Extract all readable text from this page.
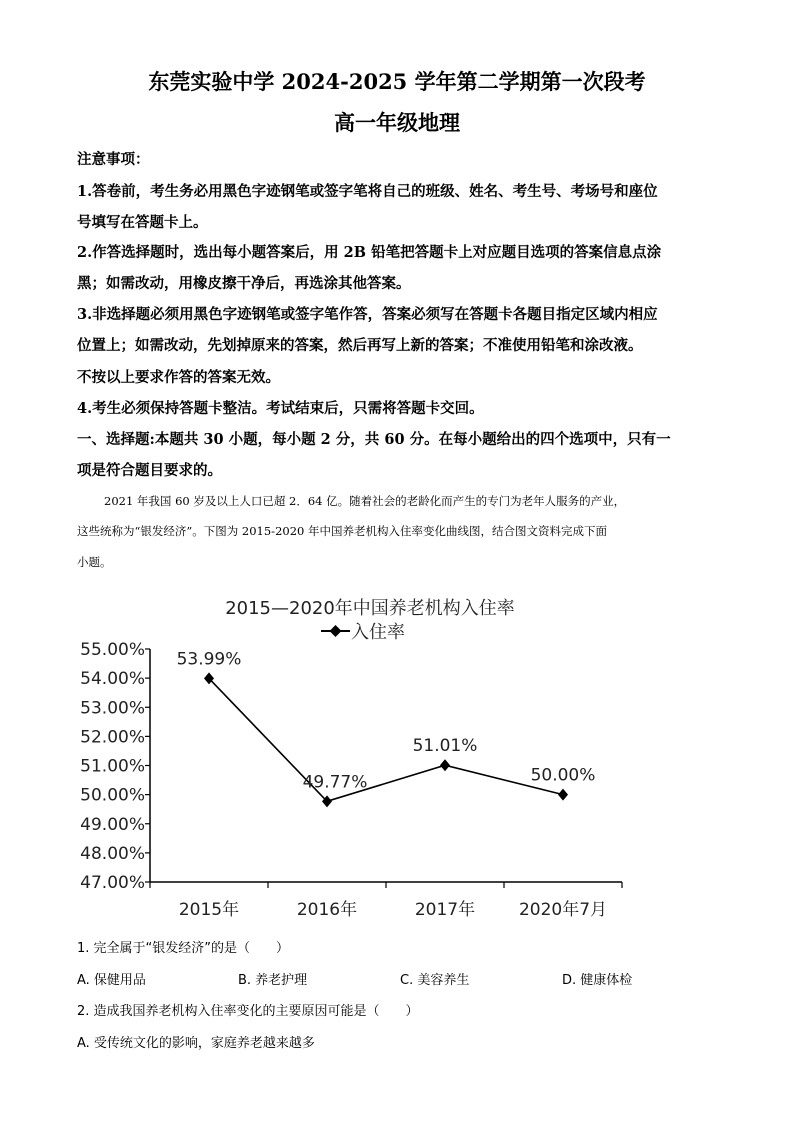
东莞实验中学 2024-2025 学年第二学期第一次段考
高一年级地理
注意事项：
1.答卷前，考生务必用黑色字迹钢笔或签字笔将自己的班级、姓名、考生号、考场号和座位
号填写在答题卡上。
2.作答选择题时，选出每小题答案后，用 2B 铅笔把答题卡上对应题目选项的答案信息点涂
黑；如需改动，用橡皮擦干净后，再选涂其他答案。
3.非选择题必须用黑色字迹钢笔或签字笔作答，答案必须写在答题卡各题目指定区域内相应
位置上；如需改动，先划掉原来的答案，然后再写上新的答案；不准使用铅笔和涂改液。
不按以上要求作答的答案无效。
4.考生必须保持答题卡整洁。考试结束后，只需将答题卡交回。
一、选择题:本题共 30 小题，每小题 2 分，共 60 分。在每小题给出的四个选项中，只有一
项是符合题目要求的。
2021 年我国 60 岁及以上人口已超 2．64 亿。随着社会的老龄化而产生的专门为老年人服务的产业，
这些统称为“银发经济”。下图为 2015-2020 年中国养老机构入住率变化曲线图，结合图文资料完成下面
小题。
2015—2020年中国养老机构入住率
入住率
55.00%
54.00%
53.00%
52.00%
51.00%
50.00%
49.00%
48.00%
47.00%
2015年	2016年	2017年	2020年7月
53.99%
49.77%
51.01%
50.00%
1. 完全属于“银发经济”的是（　　）
A. 保健用品	B. 养老护理	C. 美容养生	D. 健康体检
2. 造成我国养老机构入住率变化的主要原因可能是（　　）
A. 受传统文化的影响，家庭养老越来越多
